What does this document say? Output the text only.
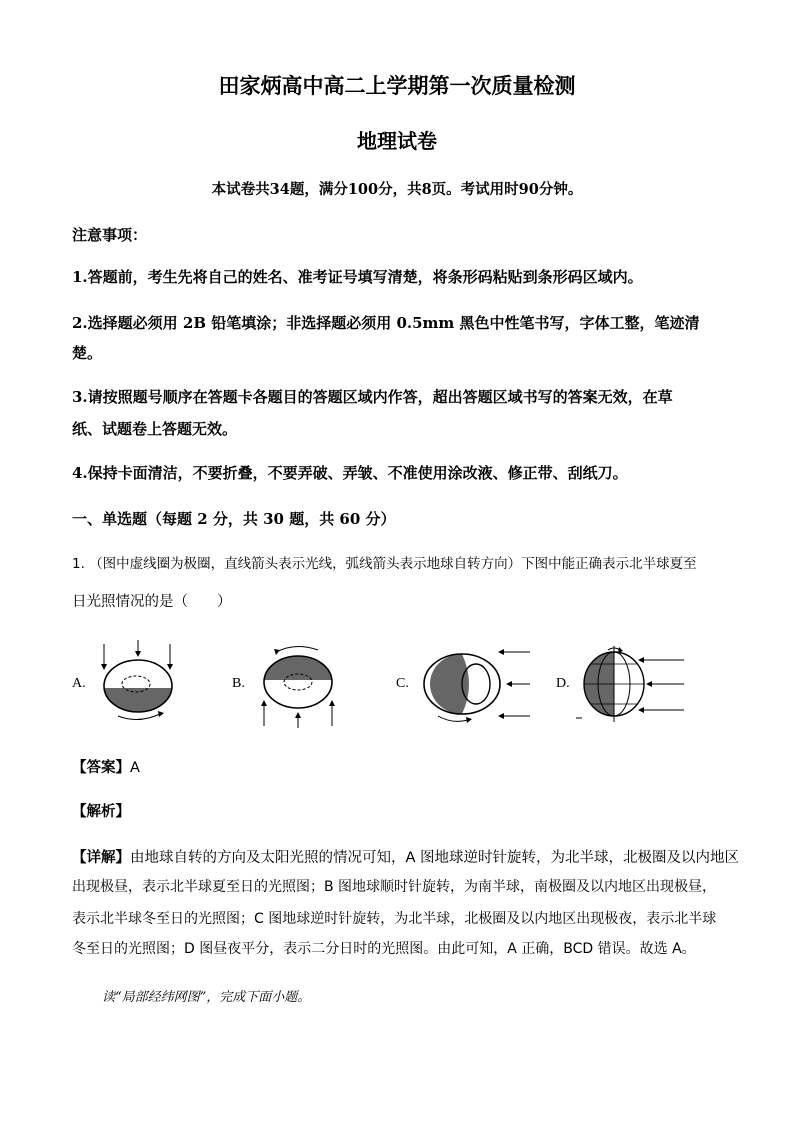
田家炳高中高二上学期第一次质量检测
地理试卷
本试卷共34题，满分100分，共8页。考试用时90分钟。
注意事项：
1.答题前，考生先将自己的姓名、准考证号填写清楚，将条形码粘贴到条形码区域内。
2.选择题必须用 2B 铅笔填涂；非选择题必须用 0.5mm 黑色中性笔书写，字体工整，笔迹清
楚。
3.请按照题号顺序在答题卡各题目的答题区域内作答，超出答题区域书写的答案无效，在草
纸、试题卷上答题无效。
4.保持卡面清洁，不要折叠，不要弄破、弄皱、不准使用涂改液、修正带、刮纸刀。
一、单选题（每题 2 分，共 30 题，共 60 分）
1. （图中虚线圈为极圈，直线箭头表示光线，弧线箭头表示地球自转方向）下图中能正确表示北半球夏至
日光照情况的是（　　）
A.	B.	C.	D.
【答案】A
【解析】
【详解】由地球自转的方向及太阳光照的情况可知，A 图地球逆时针旋转，为北半球，北极圈及以内地区
出现极昼，表示北半球夏至日的光照图；B 图地球顺时针旋转，为南半球，南极圈及以内地区出现极昼，
表示北半球冬至日的光照图；C 图地球逆时针旋转，为北半球，北极圈及以内地区出现极夜，表示北半球
冬至日的光照图；D 图昼夜平分，表示二分日时的光照图。由此可知，A 正确，BCD 错误。故选 A。
读“局部经纬网图”，完成下面小题。
